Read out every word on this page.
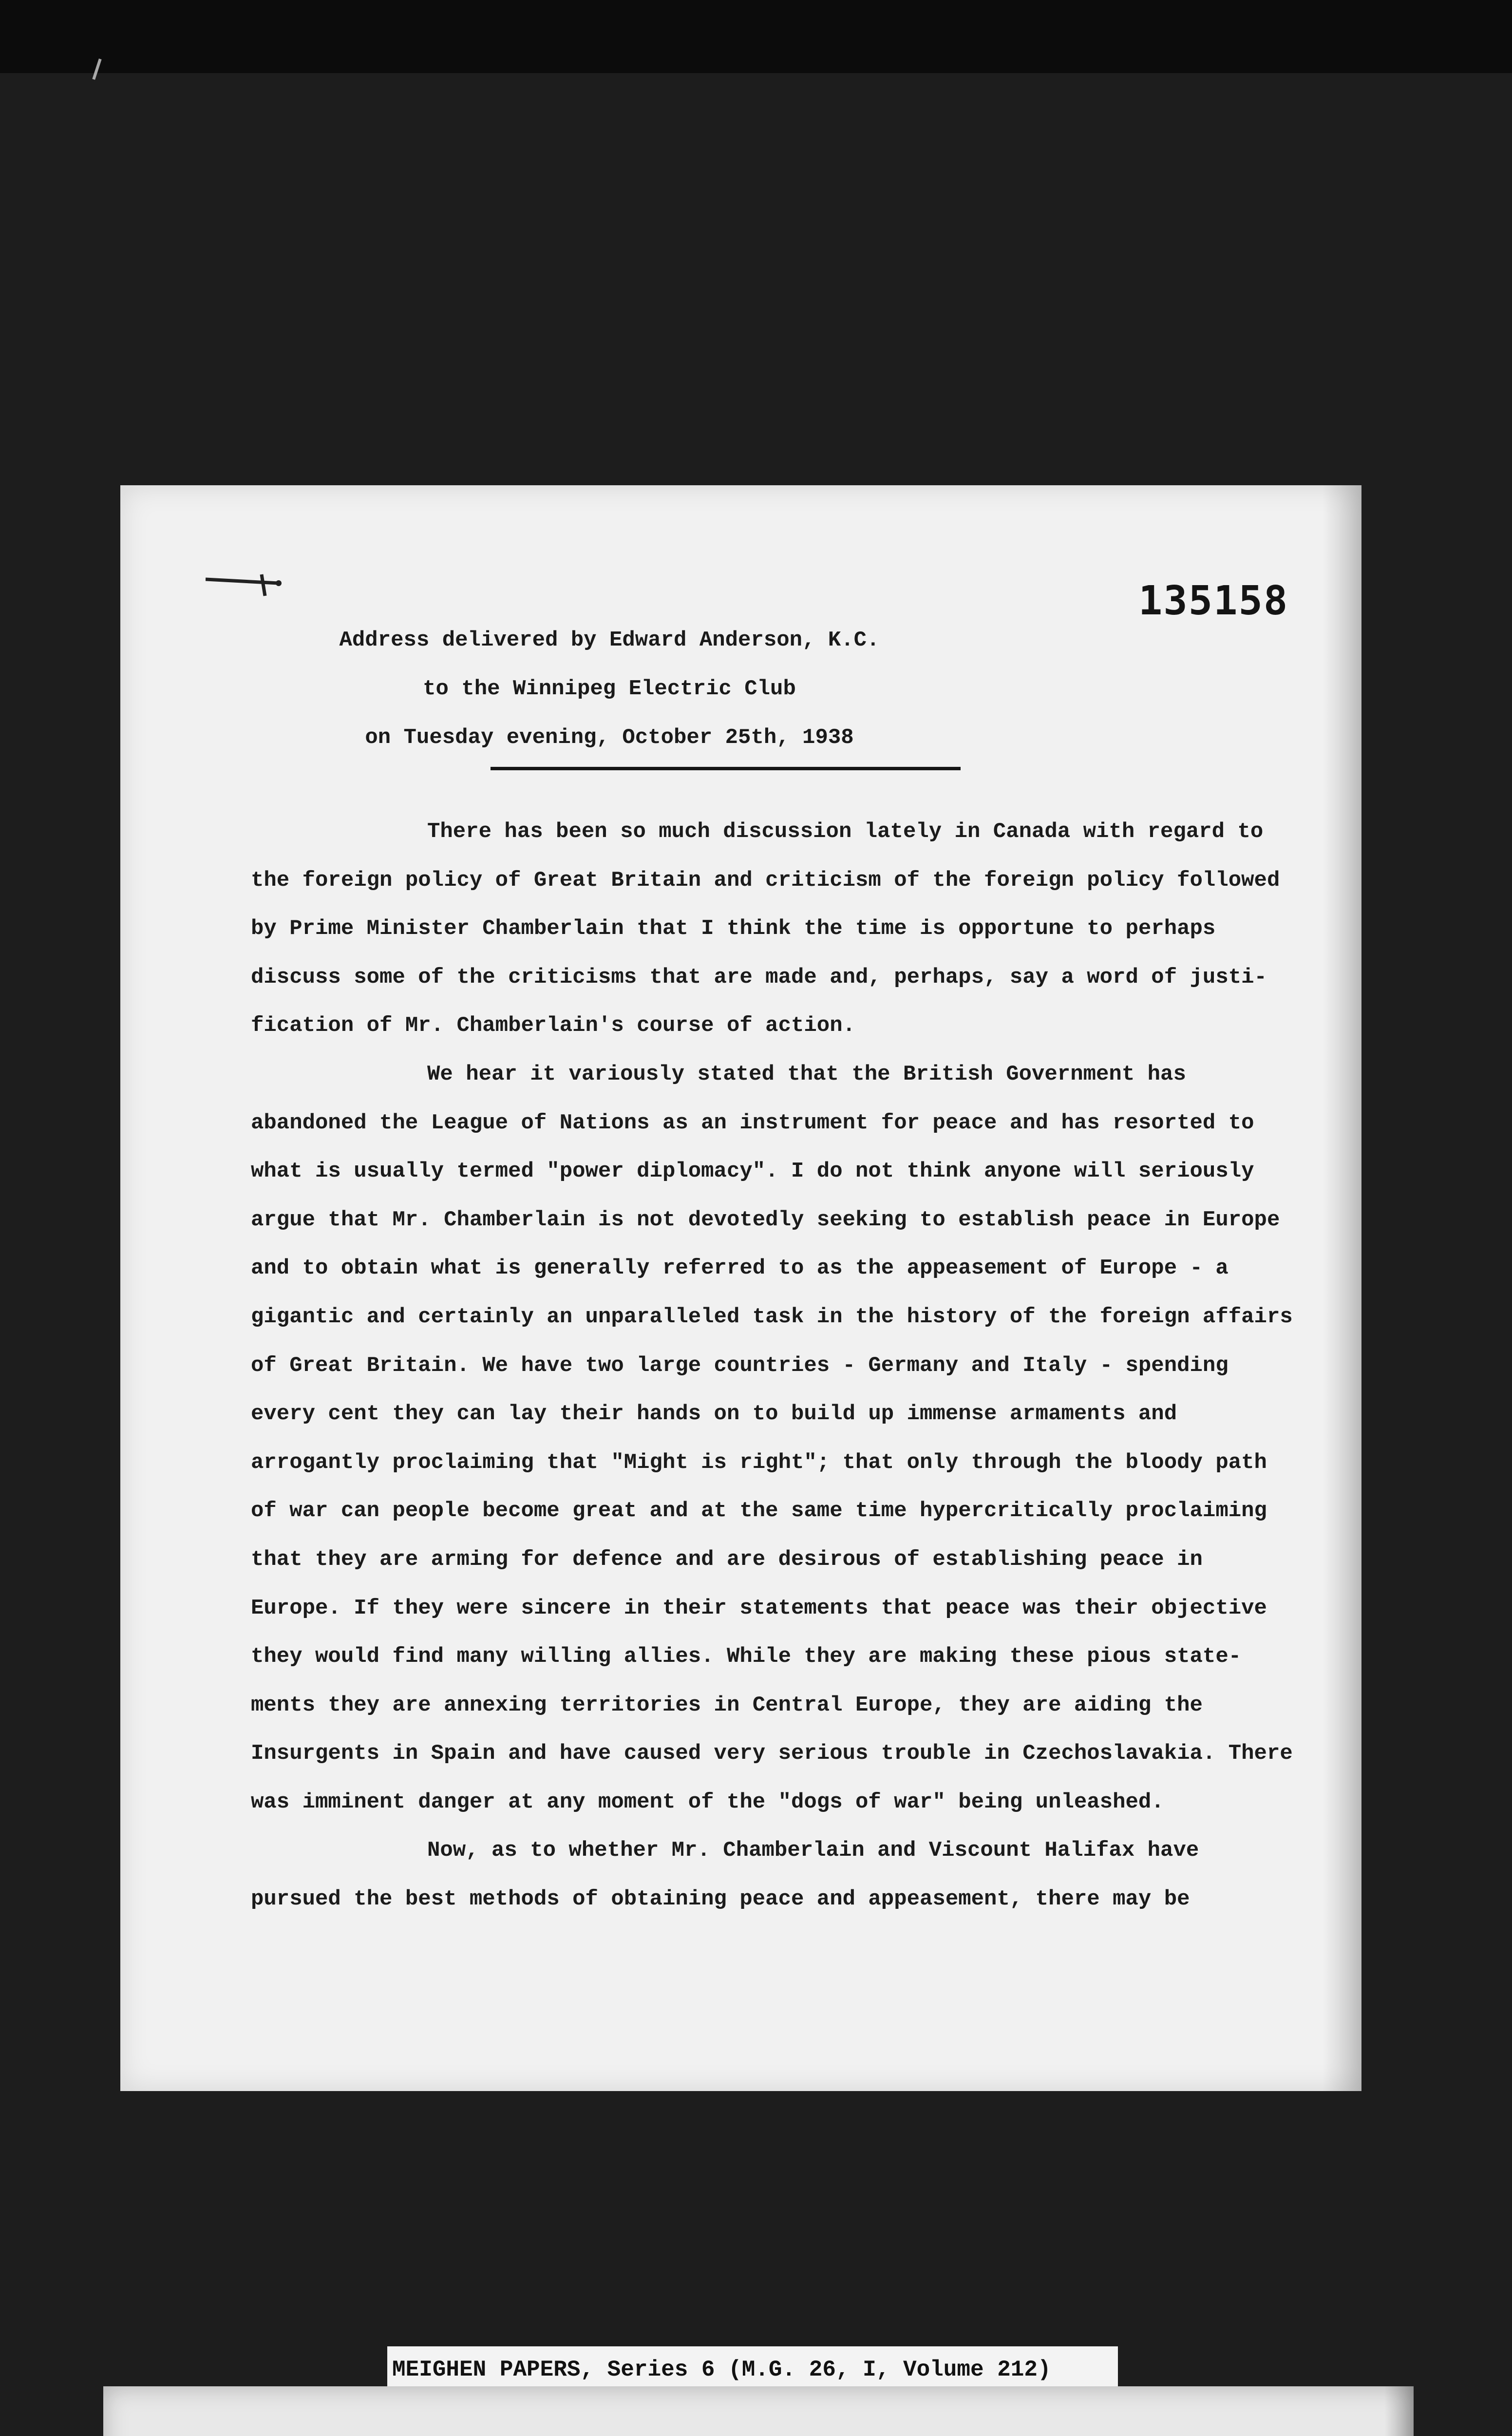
135158
Address delivered by Edward Anderson, K.C.
to the Winnipeg Electric Club
on Tuesday evening, October 25th, 1938
There has been so much discussion lately in Canada with regard to
the foreign policy of Great Britain and criticism of the foreign policy followed
by Prime Minister Chamberlain that I think the time is opportune to perhaps
discuss some of the criticisms that are made and, perhaps, say a word of justi-
fication of Mr. Chamberlain's course of action.
We hear it variously stated that the British Government has
abandoned the League of Nations as an instrument for peace and has resorted to
what is usually termed "power diplomacy". I do not think anyone will seriously
argue that Mr. Chamberlain is not devotedly seeking to establish peace in Europe
and to obtain what is generally referred to as the appeasement of Europe - a
gigantic and certainly an unparalleled task in the history of the foreign affairs
of Great Britain. We have two large countries - Germany and Italy - spending
every cent they can lay their hands on to build up immense armaments and
arrogantly proclaiming that "Might is right"; that only through the bloody path
of war can people become great and at the same time hypercritically proclaiming
that they are arming for defence and are desirous of establishing peace in
Europe. If they were sincere in their statements that peace was their objective
they would find many willing allies. While they are making these pious state-
ments they are annexing territories in Central Europe, they are aiding the
Insurgents in Spain and have caused very serious trouble in Czechoslavakia. There
was imminent danger at any moment of the "dogs of war" being unleashed.
Now, as to whether Mr. Chamberlain and Viscount Halifax have
pursued the best methods of obtaining peace and appeasement, there may be
MEIGHEN PAPERS, Series 6 (M.G. 26, I, Volume 212)
